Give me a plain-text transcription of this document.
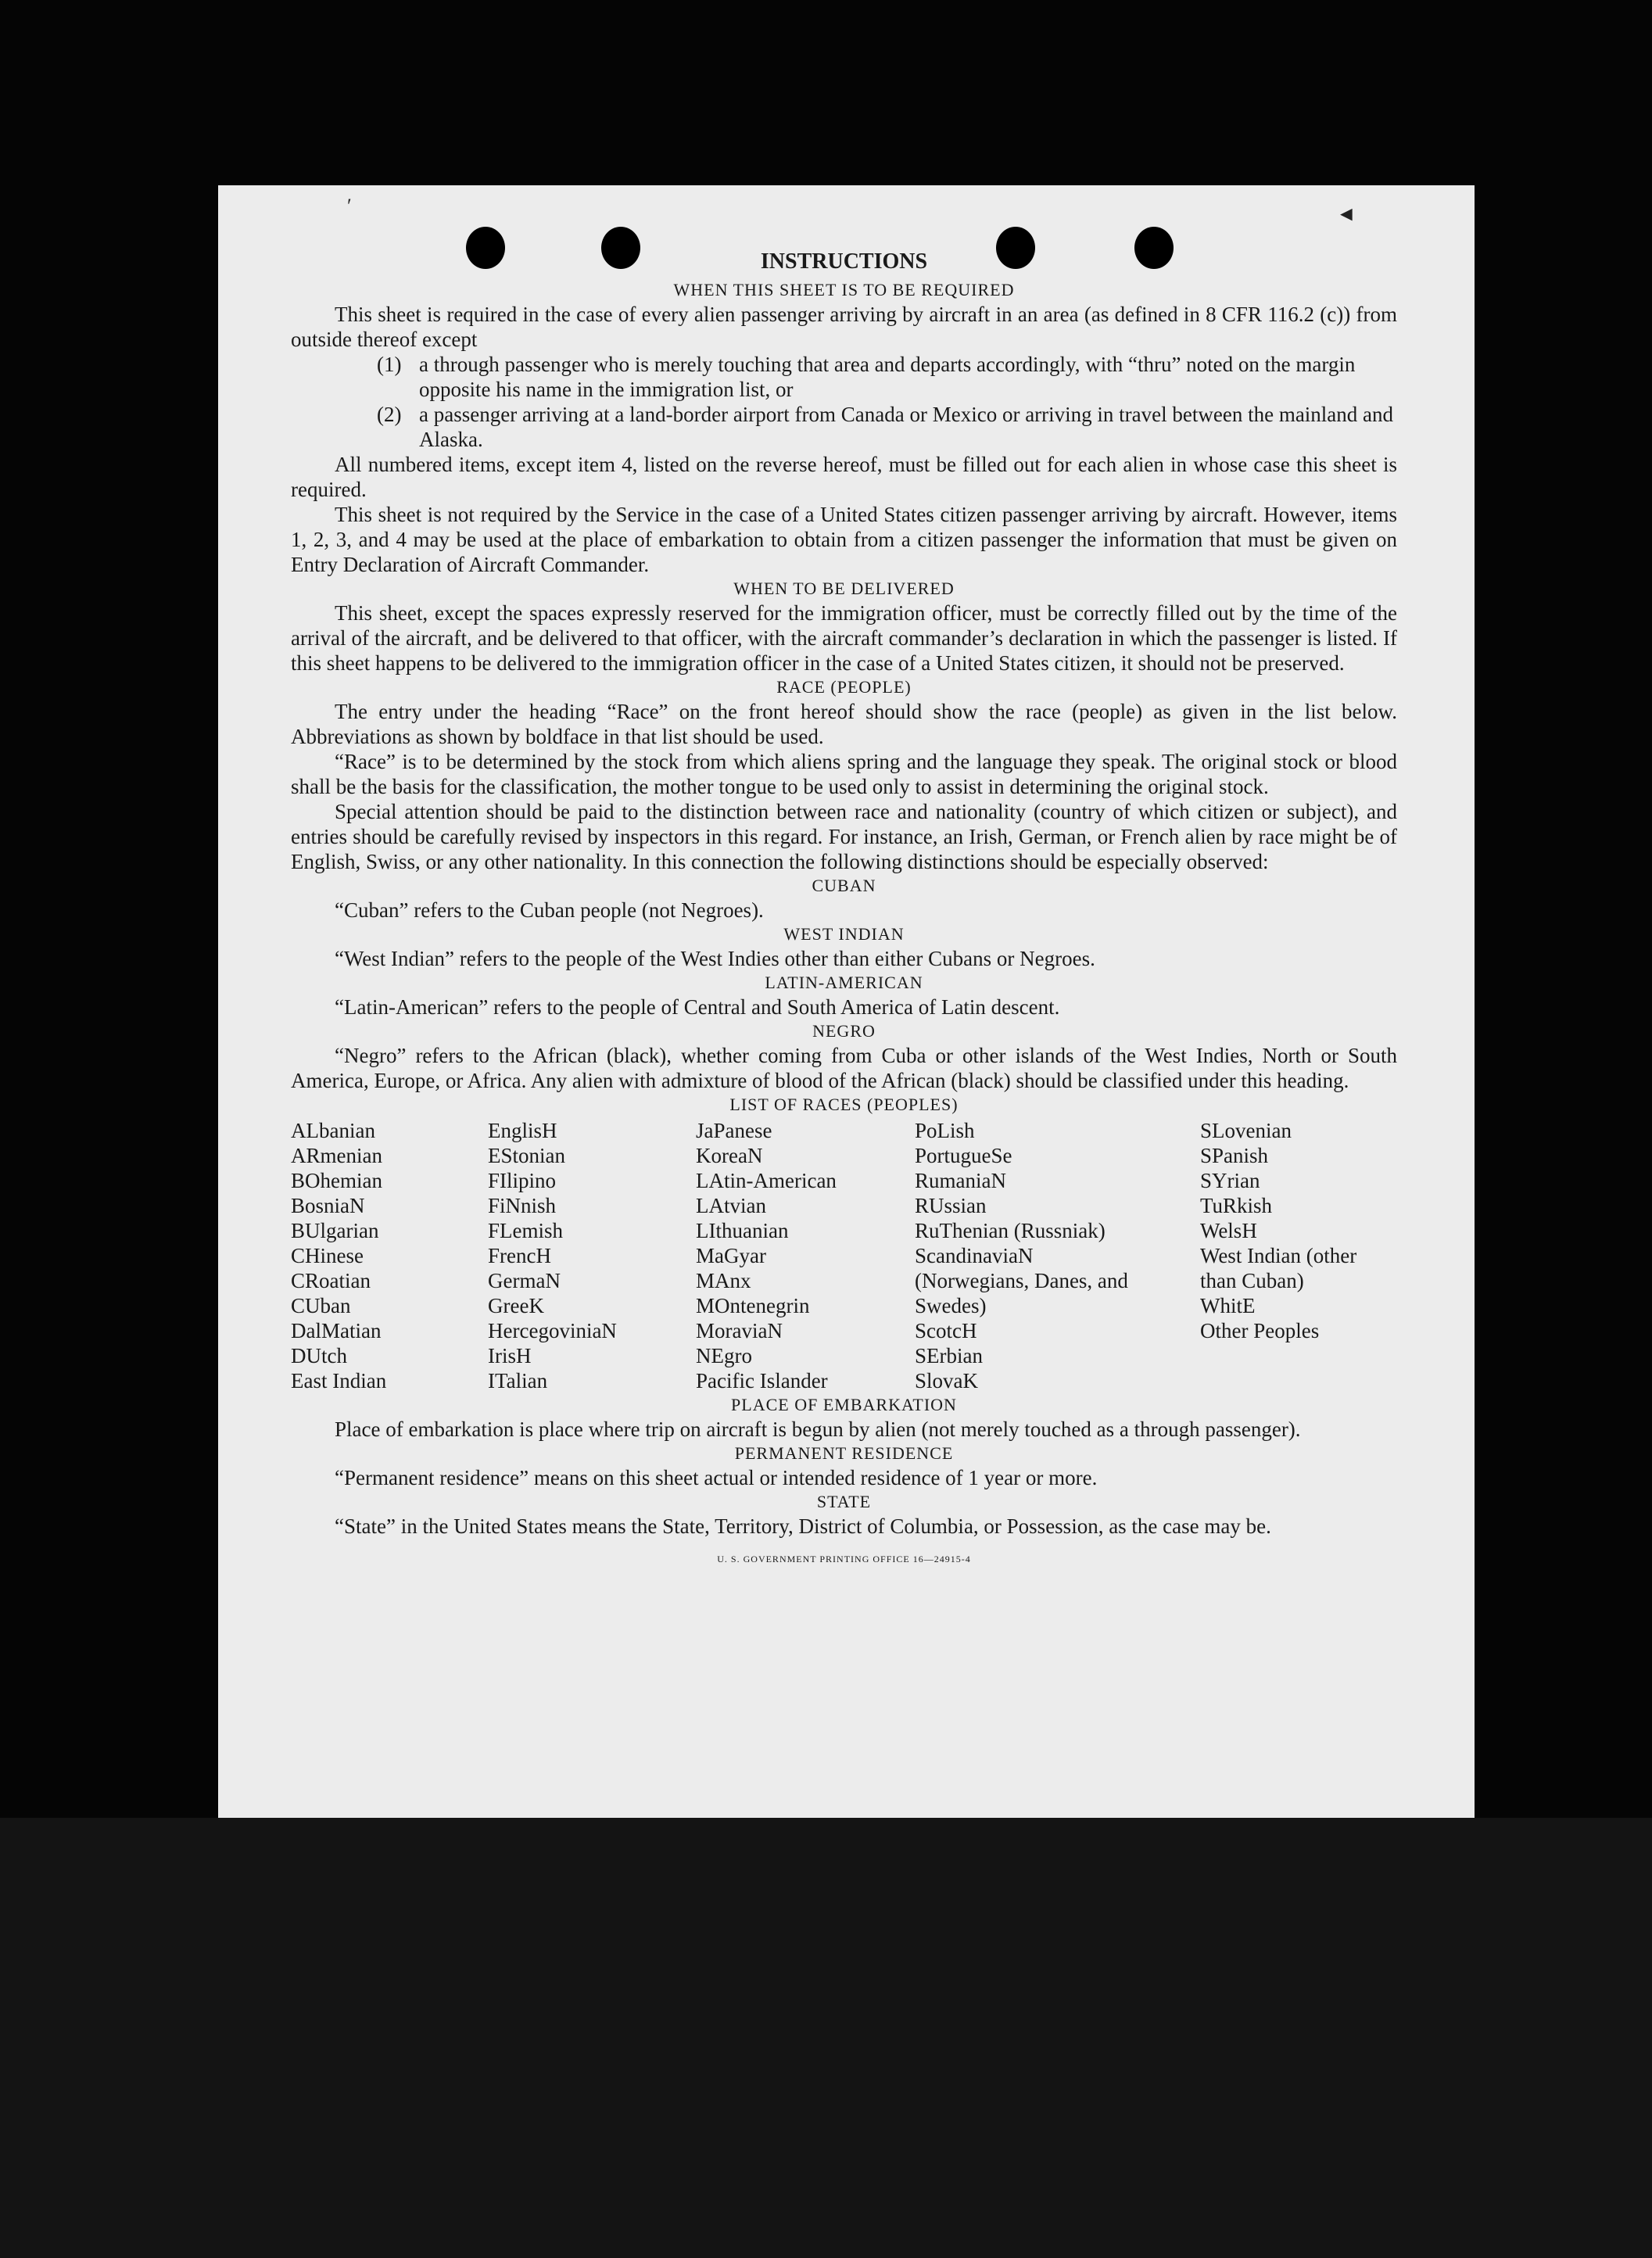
′	◄
INSTRUCTIONS
WHEN THIS SHEET IS TO BE REQUIRED

This sheet is required in the case of every alien passenger arriving by aircraft in an area (as defined in 8 CFR 116.2 (c)) from outside thereof except

(1) a through passenger who is merely touching that area and departs accordingly, with “thru” noted on the margin opposite his name in the immigration list, or
(2) a passenger arriving at a land-border airport from Canada or Mexico or arriving in travel between the mainland and Alaska.

All numbered items, except item 4, listed on the reverse hereof, must be filled out for each alien in whose case this sheet is required.

This sheet is not required by the Service in the case of a United States citizen passenger arriving by aircraft. However, items 1, 2, 3, and 4 may be used at the place of embarkation to obtain from a citizen passenger the information that must be given on Entry Declaration of Aircraft Commander.

WHEN TO BE DELIVERED

This sheet, except the spaces expressly reserved for the immigration officer, must be correctly filled out by the time of the arrival of the aircraft, and be delivered to that officer, with the aircraft commander’s declaration in which the passenger is listed. If this sheet happens to be delivered to the immigration officer in the case of a United States citizen, it should not be preserved.

RACE (PEOPLE)

The entry under the heading “Race” on the front hereof should show the race (people) as given in the list below. Abbreviations as shown by boldface in that list should be used.

“Race” is to be determined by the stock from which aliens spring and the language they speak. The original stock or blood shall be the basis for the classification, the mother tongue to be used only to assist in determining the original stock.

Special attention should be paid to the distinction between race and nationality (country of which citizen or subject), and entries should be carefully revised by inspectors in this regard. For instance, an Irish, German, or French alien by race might be of English, Swiss, or any other nationality. In this connection the following distinctions should be especially observed:

CUBAN

“Cuban” refers to the Cuban people (not Negroes).

WEST INDIAN

“West Indian” refers to the people of the West Indies other than either Cubans or Negroes.

LATIN-AMERICAN

“Latin-American” refers to the people of Central and South America of Latin descent.

NEGRO

“Negro” refers to the African (black), whether coming from Cuba or other islands of the West Indies, North or South America, Europe, or Africa. Any alien with admixture of blood of the African (black) should be classified under this heading.

LIST OF RACES (PEOPLES)
ALbanian
ARmenian
BOhemian
BosniaN
BUlgarian
CHinese
CRoatian
CUban
DalMatian
DUtch
East Indian
EnglisH
EStonian
FIlipino
FiNnish
FLemish
FrencH
GermaN
GreeK
HercegoviniaN
IrisH
ITalian
JaPanese
KoreaN
LAtin-American
LAtvian
LIthuanian
MaGyar
MAnx
MOntenegrin
MoraviaN
NEgro
Pacific Islander
PoLish
PortugueSe
RumaniaN
RUssian
RuThenian (Russniak)
ScandinaviaN (Norwegians, Danes, and Swedes)
ScotcH
SErbian
SlovaK
SLovenian
SPanish
SYrian
TuRkish
WelsH
West Indian (other than Cuban)
WhitE
Other Peoples
PLACE OF EMBARKATION

Place of embarkation is place where trip on aircraft is begun by alien (not merely touched as a through passenger).

PERMANENT RESIDENCE

“Permanent residence” means on this sheet actual or intended residence of 1 year or more.

STATE

“State” in the United States means the State, Territory, District of Columbia, or Possession, as the case may be.

U. S. GOVERNMENT PRINTING OFFICE 16—24915-4
